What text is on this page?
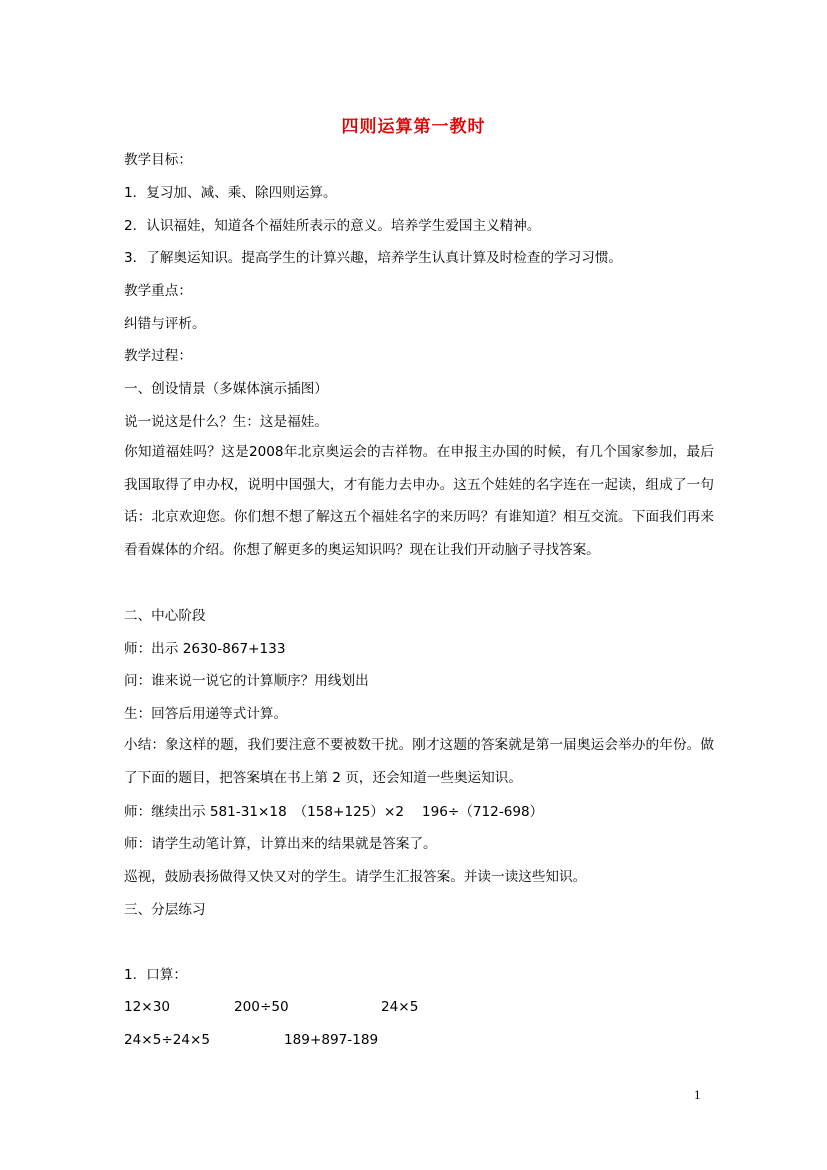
四则运算第一教时
教学目标：
1．复习加、减、乘、除四则运算。
2．认识福娃，知道各个福娃所表示的意义。培养学生爱国主义精神。
3．了解奥运知识。提高学生的计算兴趣，培养学生认真计算及时检查的学习习惯。
教学重点：
纠错与评析。
教学过程：
一、创设情景（多媒体演示插图）
说一说这是什么？生：这是福娃。
你知道福娃吗？这是2008年北京奥运会的吉祥物。在申报主办国的时候，有几个国家参加，最后我国取得了申办权，说明中国强大，才有能力去申办。这五个娃娃的名字连在一起读，组成了一句话：北京欢迎您。你们想不想了解这五个福娃名字的来历吗？有谁知道？相互交流。下面我们再来看看媒体的介绍。你想了解更多的奥运知识吗？现在让我们开动脑子寻找答案。
二、中心阶段
师：出示 2630-867+133
问：谁来说一说它的计算顺序？用线划出
生：回答后用递等式计算。
小结：象这样的题，我们要注意不要被数干扰。刚才这题的答案就是第一届奥运会举办的年份。做了下面的题目，把答案填在书上第 2 页，还会知道一些奥运知识。
师：继续出示 581-31×18　（158+125）×2　 196÷（712-698）
师：请学生动笔计算，计算出来的结果就是答案了。
巡视，鼓励表扬做得又快又对的学生。请学生汇报答案。并读一读这些知识。
三、分层练习
1．口算：
12×30	200÷50	24×5
24×5÷24×5	189+897-189
1
